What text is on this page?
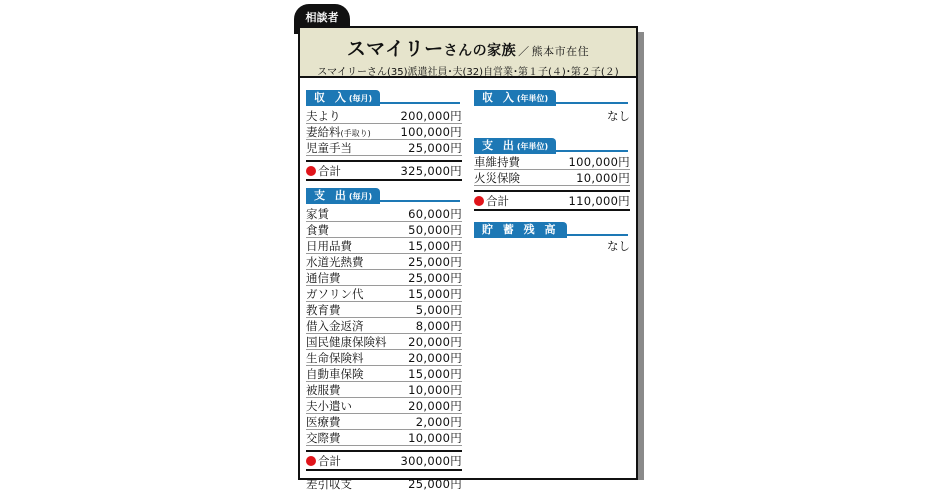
相談者
スマイリーさんの家族 ／ 熊本市在住
スマイリーさん(35)派遣社員･夫(32)自営業･第１子(４)･第２子(２)
収 入(毎月)
夫より	200,000円
妻給料(手取り)	100,000円
児童手当	25,000円
合計	325,000円
支 出(毎月)
家賃	60,000円
食費	50,000円
日用品費	15,000円
水道光熱費	25,000円
通信費	25,000円
ガソリン代	15,000円
教育費	5,000円
借入金返済	8,000円
国民健康保険料 20,000円
生命保険料	20,000円
自動車保険	15,000円
被服費	10,000円
夫小遣い	20,000円
医療費	2,000円
交際費	10,000円
合計	300,000円
差引収支	25,000円
収 入(年単位)
なし
支 出(年単位)
車維持費	100,000円
火災保険	10,000円
合計	110,000円
貯 蓄 残 高
なし
